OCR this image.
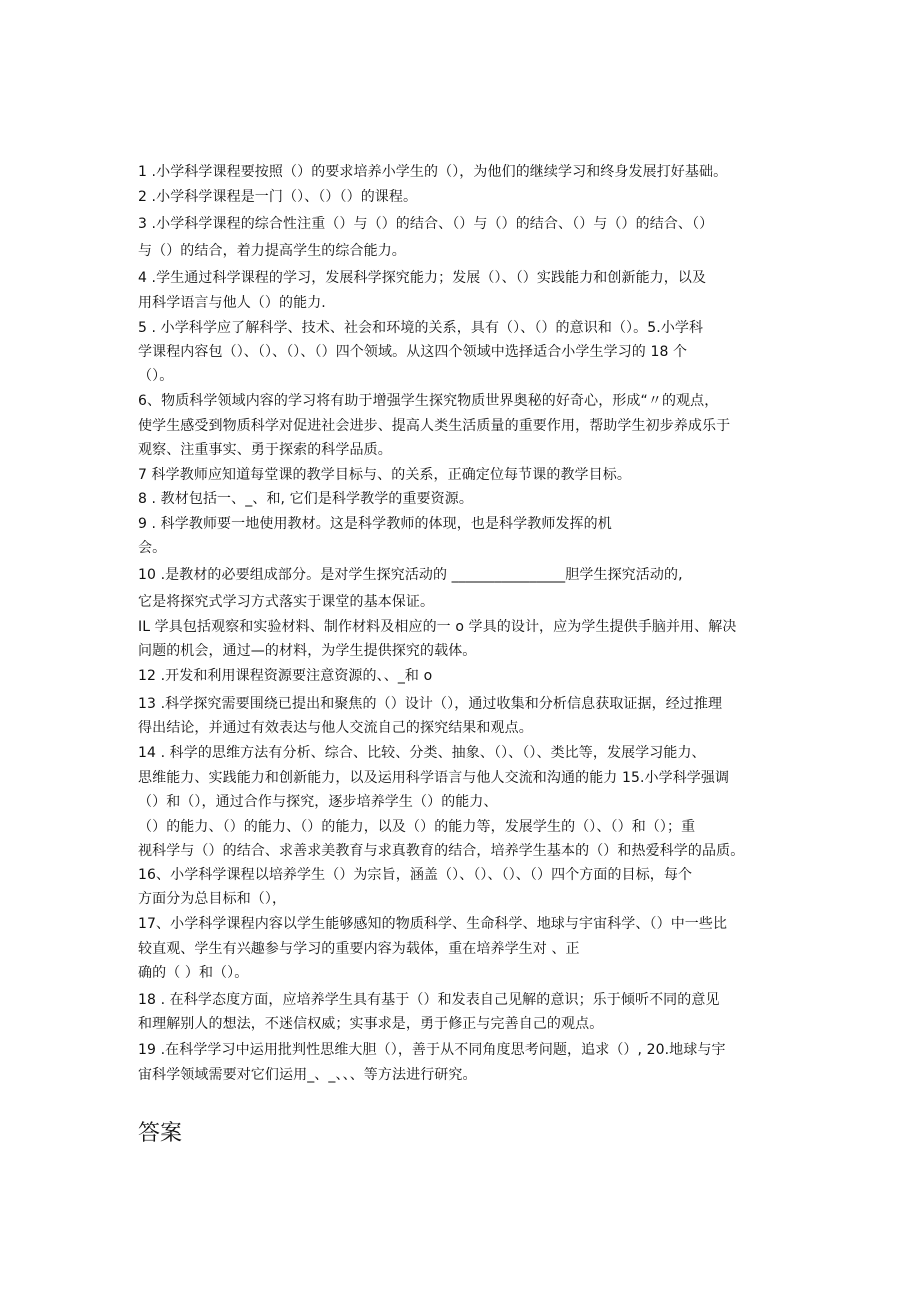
1 .小学科学课程要按照（）的要求培养小学生的（），为他们的继续学习和终身发展打好基础。
2 .小学科学课程是一门（）、（）（）的课程。
3 .小学科学课程的综合性注重（）与（）的结合、（）与（）的结合、（）与（）的结合、（）
与（）的结合，着力提高学生的综合能力。
4 .学生通过科学课程的学习，发展科学探究能力；发展（）、（）实践能力和创新能力，以及
用科学语言与他人（）的能力.
5 . 小学科学应了解科学、技术、社会和环境的关系，具有（）、（）的意识和（）。5.小学科
学课程内容包（）、（）、（）、（）四个领域。从这四个领域中选择适合小学生学习的 18 个
（）。
6、物质科学领域内容的学习将有助于增强学生探究物质世界奥秘的好奇心，形成“〃的观点，
使学生感受到物质科学对促进社会进步、提高人类生活质量的重要作用，帮助学生初步养成乐于
观察、注重事实、勇于探索的科学品质。
7 科学教师应知道每堂课的教学目标与、的关系，正确定位每节课的教学目标。
8 . 教材包括一、_、和, 它们是科学教学的重要资源。
9 . 科学教师要一地使用教材。这是科学教师的体现，也是科学教师发挥的机
会。
10 .是教材的必要组成部分。是对学生探究活动的 ________________胆学生探究活动的,
它是将探究式学习方式落实于课堂的基本保证。
IL 学具包括观察和实验材料、制作材料及相应的一 o 学具的设计，应为学生提供手脑并用、解决
问题的机会，通过—的材料，为学生提供探究的载体。
12 .开发和利用课程资源要注意资源的、、_和 o
13 .科学探究需要围绕已提出和聚焦的（）设计（），通过收集和分析信息获取证据，经过推理
得出结论，并通过有效表达与他人交流自己的探究结果和观点。
14 . 科学的思维方法有分析、综合、比较、分类、抽象、（）、（）、类比等，发展学习能力、
思维能力、实践能力和创新能力，以及运用科学语言与他人交流和沟通的能力 15.小学科学强调
（）和（），通过合作与探究，逐步培养学生（）的能力、
（）的能力、（）的能力、（）的能力，以及（）的能力等，发展学生的（）、（）和（）；重
视科学与（）的结合、求善求美教育与求真教育的结合，培养学生基本的（）和热爱科学的品质。
16、小学科学课程以培养学生（）为宗旨，涵盖（）、（）、（）、（）四个方面的目标，每个
方面分为总目标和（），
17、小学科学课程内容以学生能够感知的物质科学、生命科学、地球与宇宙科学、（）中一些比
较直观、学生有兴趣参与学习的重要内容为载体，重在培养学生对 、正
确的（ ）和（）。
18 . 在科学态度方面，应培养学生具有基于（）和发表自己见解的意识；乐于倾听不同的意见
和理解别人的想法，不迷信权威；实事求是，勇于修正与完善自己的观点。
19 .在科学学习中运用批判性思维大胆（），善于从不同角度思考问题，追求（）, 20.地球与宇
宙科学领域需要对它们运用_、_、、、等方法进行研究。
答案
